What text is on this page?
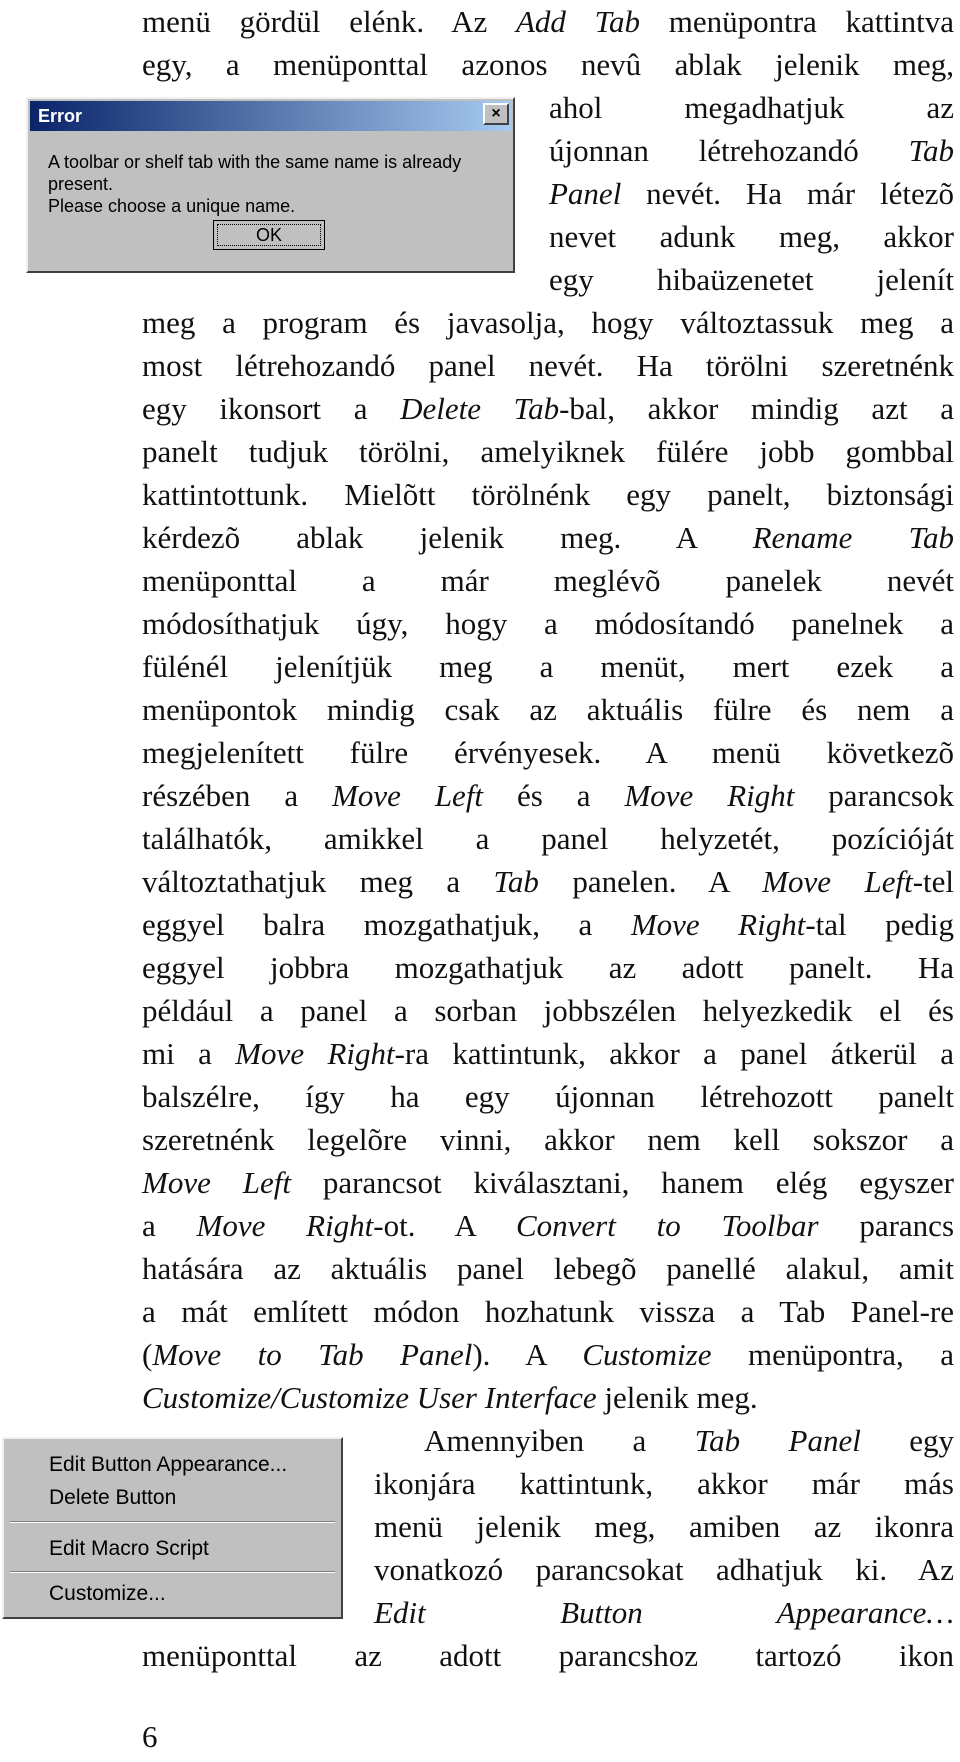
menü gördül elénk. Az Add Tab menüpontra kattintva
egy, a menüponttal azonos nevû ablak jelenik meg,
ahol megadhatjuk az
újonnan létrehozandó Tab
Panel nevét. Ha már létezõ
nevet adunk meg, akkor
egy hibaüzenetet jelenít
meg a program és javasolja, hogy változtassuk meg a
most létrehozandó panel nevét. Ha törölni szeretnénk
egy ikonsort a Delete Tab-bal, akkor mindig azt a
panelt tudjuk törölni, amelyiknek fülére jobb gombbal
kattintottunk. Mielõtt törölnénk egy panelt, biztonsági
kérdezõ ablak jelenik meg. A Rename Tab
menüponttal a már meglévõ panelek nevét
módosíthatjuk úgy, hogy a módosítandó panelnek a
fülénél jelenítjük meg a menüt, mert ezek a
menüpontok mindig csak az aktuális fülre és nem a
megjelenített fülre érvényesek. A menü következõ
részében a Move Left és a Move Right parancsok
találhatók, amikkel a panel helyzetét, pozícióját
változtathatjuk meg a Tab panelen. A Move Left-tel
eggyel balra mozgathatjuk, a Move Right-tal pedig
eggyel jobbra mozgathatjuk az adott panelt. Ha
például a panel a sorban jobbszélen helyezkedik el és
mi a Move Right-ra kattintunk, akkor a panel átkerül a
balszélre, így ha egy újonnan létrehozott panelt
szeretnénk legelõre vinni, akkor nem kell sokszor a
Move Left parancsot kiválasztani, hanem elég egyszer
a Move Right-ot. A Convert to Toolbar parancs
hatására az aktuális panel lebegõ panellé alakul, amit
a mát említett módon hozhatunk vissza a Tab Panel-re
(Move to Tab Panel). A Customize menüpontra, a
Customize/Customize User Interface jelenik meg.
Amennyiben a Tab Panel egy
ikonjára kattintunk, akkor már más
menü jelenik meg, amiben az ikonra
vonatkozó parancsokat adhatjuk ki. Az
Edit Button Appearance…
menüponttal az adott parancshoz tartozó ikon
Error	×
A toolbar or shelf tab with the same name is already present.
Please choose a unique name.
OK
Edit Button Appearance...
Delete Button
Edit Macro Script
Customize...
6
